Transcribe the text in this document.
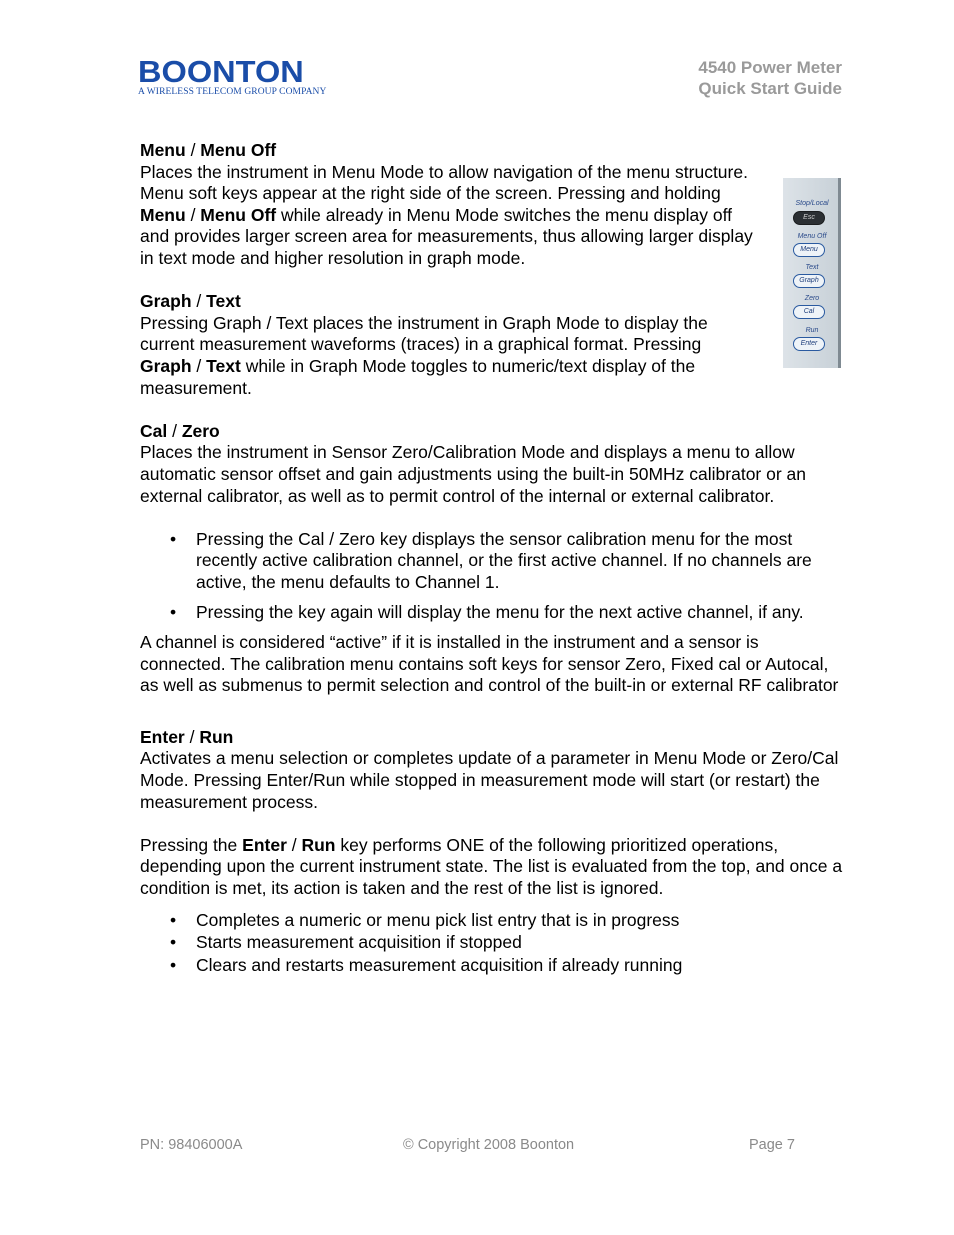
BOONTON
A WIRELESS TELECOM GROUP COMPANY
4540 Power Meter
Quick Start Guide
Stop/Local
Esc
Menu Off
Menu
Text
Graph
Zero
Cal
Run
Enter
Menu / Menu Off

Places the instrument in Menu Mode to allow navigation of the menu structure. Menu soft keys appear at the right side of the screen. Pressing and holding Menu / Menu Off while already in Menu Mode switches the menu display off and provides larger screen area for measurements, thus allowing larger display in text mode and higher resolution in graph mode.

Graph / Text

Pressing Graph / Text places the instrument in Graph Mode to display the current measurement waveforms (traces) in a graphical format. Pressing Graph / Text while in Graph Mode toggles to numeric/text display of the measurement.

Cal / Zero

Places the instrument in Sensor Zero/Calibration Mode and displays a menu to allow automatic sensor offset and gain adjustments using the built-in 50MHz calibrator or an external calibrator, as well as to permit control of the internal or external calibrator.

• Pressing the Cal / Zero key displays the sensor calibration menu for the most recently active calibration channel, or the first active channel. If no channels are active, the menu defaults to Channel 1.
• Pressing the key again will display the menu for the next active channel, if any.

A channel is considered “active” if it is installed in the instrument and a sensor is connected. The calibration menu contains soft keys for sensor Zero, Fixed cal or Autocal, as well as submenus to permit selection and control of the built-in or external RF calibrator

Enter / Run

Activates a menu selection or completes update of a parameter in Menu Mode or Zero/Cal Mode. Pressing Enter/Run while stopped in measurement mode will start (or restart) the measurement process.

Pressing the Enter / Run key performs ONE of the following prioritized operations, depending upon the current instrument state. The list is evaluated from the top, and once a condition is met, its action is taken and the rest of the list is ignored.

• Completes a numeric or menu pick list entry that is in progress
• Starts measurement acquisition if stopped
• Clears and restarts measurement acquisition if already running
PN: 98406000A	© Copyright 2008 Boonton	Page 7
